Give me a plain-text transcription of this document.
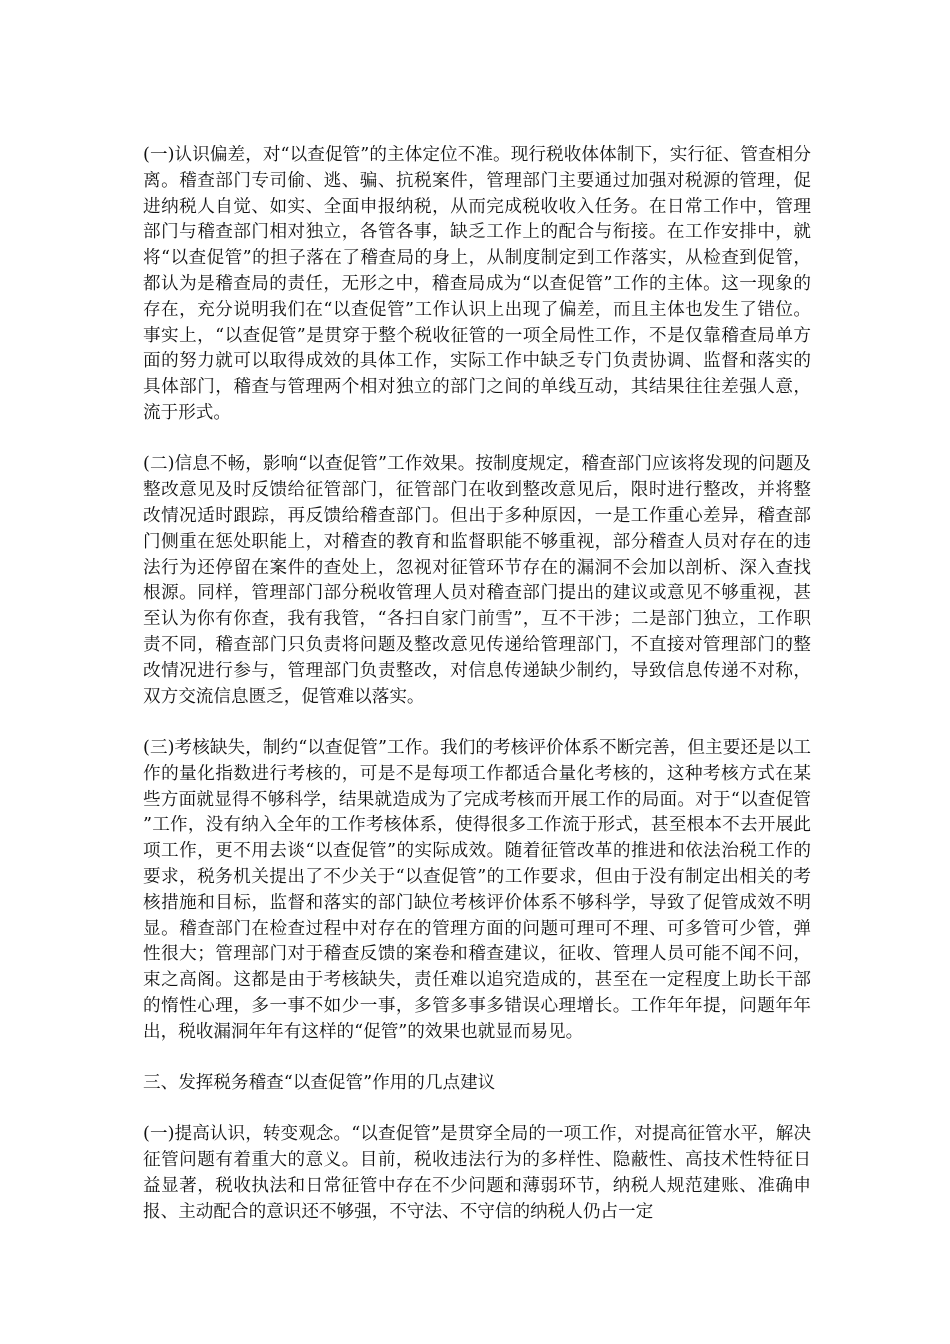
(一)认识偏差，对“以查促管”的主体定位不准。现行税收体体制下，实行征、管查相分离。稽查部门专司偷、逃、骗、抗税案件，管理部门主要通过加强对税源的管理，促进纳税人自觉、如实、全面申报纳税，从而完成税收收入任务。在日常工作中，管理部门与稽查部门相对独立，各管各事，缺乏工作上的配合与衔接。在工作安排中，就将“以查促管”的担子落在了稽查局的身上，从制度制定到工作落实，从检查到促管，都认为是稽查局的责任，无形之中，稽查局成为“以查促管”工作的主体。这一现象的存在，充分说明我们在“以查促管”工作认识上出现了偏差，而且主体也发生了错位。事实上，“以查促管”是贯穿于整个税收征管的一项全局性工作，不是仅靠稽查局单方面的努力就可以取得成效的具体工作，实际工作中缺乏专门负责协调、监督和落实的具体部门，稽查与管理两个相对独立的部门之间的单线互动，其结果往往差强人意，流于形式。

(二)信息不畅，影响“以查促管”工作效果。按制度规定，稽查部门应该将发现的问题及整改意见及时反馈给征管部门，征管部门在收到整改意见后，限时进行整改，并将整改情况适时跟踪，再反馈给稽查部门。但出于多种原因，一是工作重心差异，稽查部门侧重在惩处职能上，对稽查的教育和监督职能不够重视，部分稽查人员对存在的违法行为还停留在案件的查处上，忽视对征管环节存在的漏洞不会加以剖析、深入查找根源。同样，管理部门部分税收管理人员对稽查部门提出的建议或意见不够重视，甚至认为你有你查，我有我管，“各扫自家门前雪”，互不干涉；二是部门独立，工作职责不同，稽查部门只负责将问题及整改意见传递给管理部门，不直接对管理部门的整改情况进行参与，管理部门负责整改，对信息传递缺少制约，导致信息传递不对称，双方交流信息匮乏，促管难以落实。

(三)考核缺失，制约“以查促管”工作。我们的考核评价体系不断完善，但主要还是以工作的量化指数进行考核的，可是不是每项工作都适合量化考核的，这种考核方式在某些方面就显得不够科学，结果就造成为了完成考核而开展工作的局面。对于“以查促管”工作，没有纳入全年的工作考核体系，使得很多工作流于形式，甚至根本不去开展此项工作，更不用去谈“以查促管”的实际成效。随着征管改革的推进和依法治税工作的要求，税务机关提出了不少关于“以查促管”的工作要求，但由于没有制定出相关的考核措施和目标，监督和落实的部门缺位考核评价体系不够科学，导致了促管成效不明显。稽查部门在检查过程中对存在的管理方面的问题可理可不理、可多管可少管，弹性很大；管理部门对于稽查反馈的案卷和稽查建议，征收、管理人员可能不闻不问，束之高阁。这都是由于考核缺失，责任难以追究造成的，甚至在一定程度上助长干部的惰性心理，多一事不如少一事，多管多事多错误心理增长。工作年年提，问题年年出，税收漏洞年年有这样的“促管”的效果也就显而易见。

三、发挥税务稽查“以查促管”作用的几点建议

(一)提高认识，转变观念。“以查促管”是贯穿全局的一项工作，对提高征管水平，解决征管问题有着重大的意义。目前，税收违法行为的多样性、隐蔽性、高技术性特征日益显著，税收执法和日常征管中存在不少问题和薄弱环节，纳税人规范建账、准确申报、主动配合的意识还不够强，不守法、不守信的纳税人仍占一定
